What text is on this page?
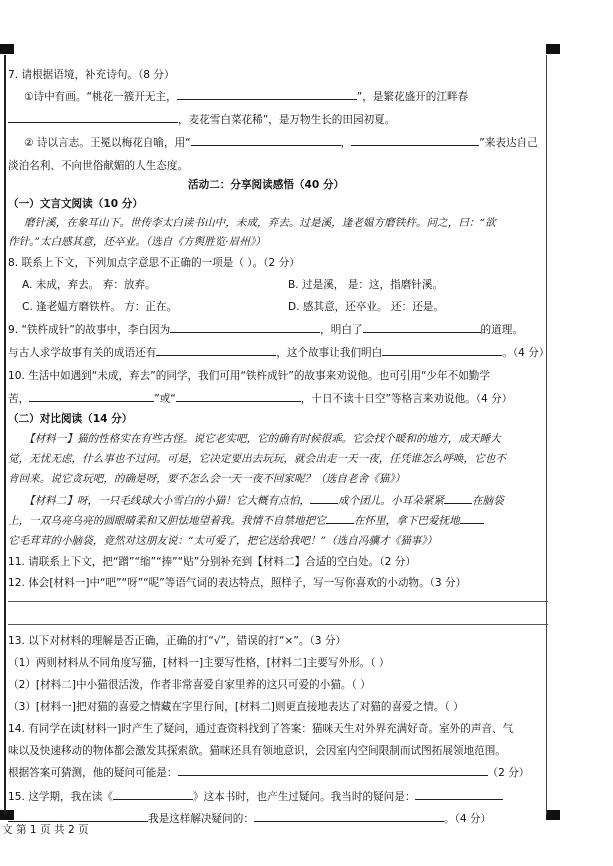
7. 请根据语境，补充诗句。（8 分）
①诗中有画。“桃花一簇开无主，	”，是繁花盛开的江畔春
，麦花雪白菜花稀”，是万物生长的田园初夏。
② 诗以言志。王冕以梅花自喻，用“	，	”来表达自己
淡泊名利、不向世俗献媚的人生态度。
活动二：分享阅读感悟（40 分）
（一）文言文阅读（10 分）
磨针溪，在象耳山下。世传李太白读书山中，未成，弃去。过是溪，逢老媪方磨铁杵。问之，曰：“欲
作针。”太白感其意，还卒业。（选自《方舆胜览·眉州》）
8. 联系上下文，下列加点字意思不正确的一项是（ ）。（2 分）
A. 未成，弃去。 弃：放弃。	B. 过是溪， 是：这，指磨针溪。
C. 逢老媪方磨铁杵。 方：正在。	D. 感其意，还卒业。 还：还是。
9. “铁杵成针”的故事中，李白因为	，明白了	的道理。
与古人求学故事有关的成语还有	，这个故事让我们明白	。（4 分）
10. 生活中如遇到“未成，弃去”的同学，我们可用“铁杵成针”的故事来劝说他。也可引用“少年不如勤学
苦，	”或“	，十日不读十日空”等格言来劝说他。（4 分）
（二）对比阅读（14 分）
【材料一】猫的性格实在有些古怪。说它老实吧，它的确有时候很乖。它会找个暖和的地方，成天睡大
觉，无忧无虑，什么事也不过问。可是，它决定要出去玩玩，就会出走一天一夜，任凭谁怎么呼唤，它也不
肯回来。说它贪玩吧，的确是呀，要不怎么会一天一夜不回家呢？（选自老舍《猫》）
【材料二】呀，一只毛线球大小雪白的小猫！它大概有点怕，	成个团儿。小耳朵紧紧	在脑袋
上，一双乌亮乌亮的圆眼睛柔和又胆怯地望着我。我情不自禁地把它	在怀里，拿下巴爱抚地
它毛茸茸的小脑袋，竟然对这朋友说：“太可爱了，把它送给我吧！”（选自冯骥才《猫事》）
11. 请联系上下文，把“蹭”“缩”“捧”“贴”分别补充到【材料二】合适的空白处。（2 分）
12. 体会[材料一]中“吧”“呀”“呢”等语气词的表达特点，照样子，写一写你喜欢的小动物。（3 分）
13. 以下对材料的理解是否正确，正确的打“√”，错误的打“×”。（3 分）
（1）两则材料从不同角度写猫，[材料一]主要写性格，[材料二]主要写外形。（ ）
（2）[材料二]中小猫很活泼，作者非常喜爱自家里养的这只可爱的小猫。（ ）
（3）[材料一]把对猫的喜爱之情藏在字里行间，[材料二]则更直接地表达了对猫的喜爱之情。（ ）
14. 有同学在读[材料一]时产生了疑问，通过查资料找到了答案：猫咪天生对外界充满好奇。室外的声音、气
味以及快速移动的物体都会激发其探索欲。猫咪还具有领地意识，会因室内空间限制而试图拓展领地范围。
根据答案可猜测，他的疑问可能是：	（2 分）
15. 这学期，我在读《	》这本书时，也产生过疑问。我当时的疑问是：
我是这样解决疑问的：	。（4 分）
文 第 1 页 共 2 页
